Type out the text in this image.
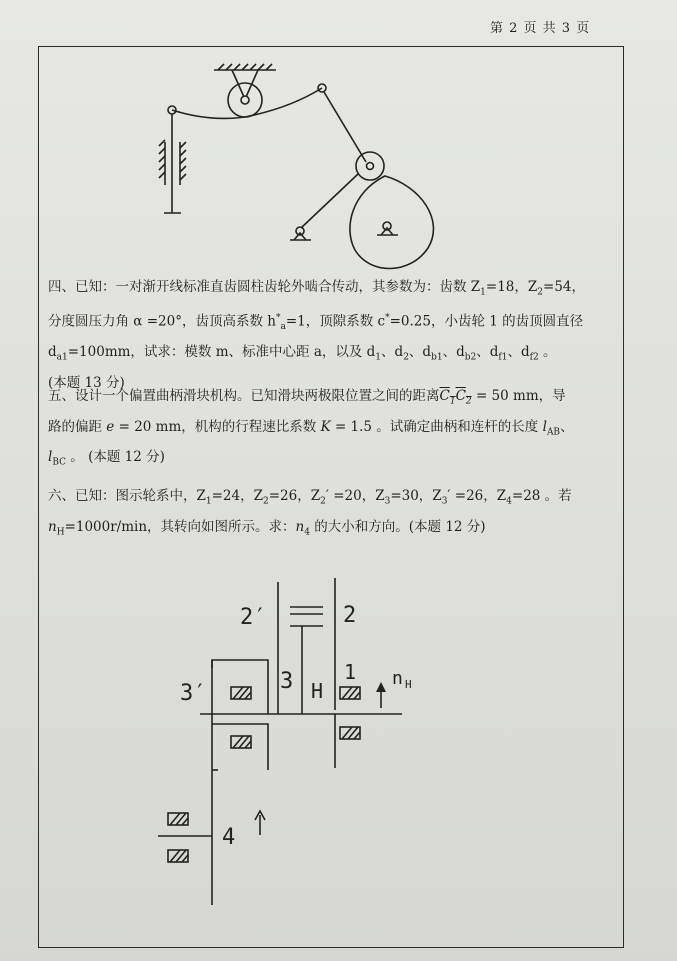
第 2 页 共 3 页
四、已知：一对渐开线标准直齿圆柱齿轮外啮合传动，其参数为：齿数 $Z_1=18$，$Z_2=54$，
分度圆压力角 α =20°，齿顶高系数 $h^*_a=1$，顶隙系数 c*=0.25，小齿轮 1 的齿顶圆直径
$d_{a1}=100mm$，试求：模数 m、标准中心距 a，以及 $d_1$、$d_2$、$d_{b1}$、$d_{b2}$、$d_{f1}$、$d_{f2}$ 。
(本题 13 分)
五、设计一个偏置曲柄滑块机构。已知滑块两极限位置之间的距离$C_1C_2 = 50$ mm，导
路的偏距 e = 20 mm，机构的行程速比系数 K = 1.5 。试确定曲柄和连杆的长度 $l_{AB}$、
$l_{BC}$ 。 (本题 12 分)
六、已知：图示轮系中，$Z_1=24$，$Z_2=26$，$Z_2' =20$，$Z_3=30$，$Z_3' =26$，$Z_4=28$ 。若
$n_H=1000r/\min$，其转向如图所示。求：$n_4$ 的大小和方向。(本题 12 分)
2′	2
3′	3 H
1 n H
4
